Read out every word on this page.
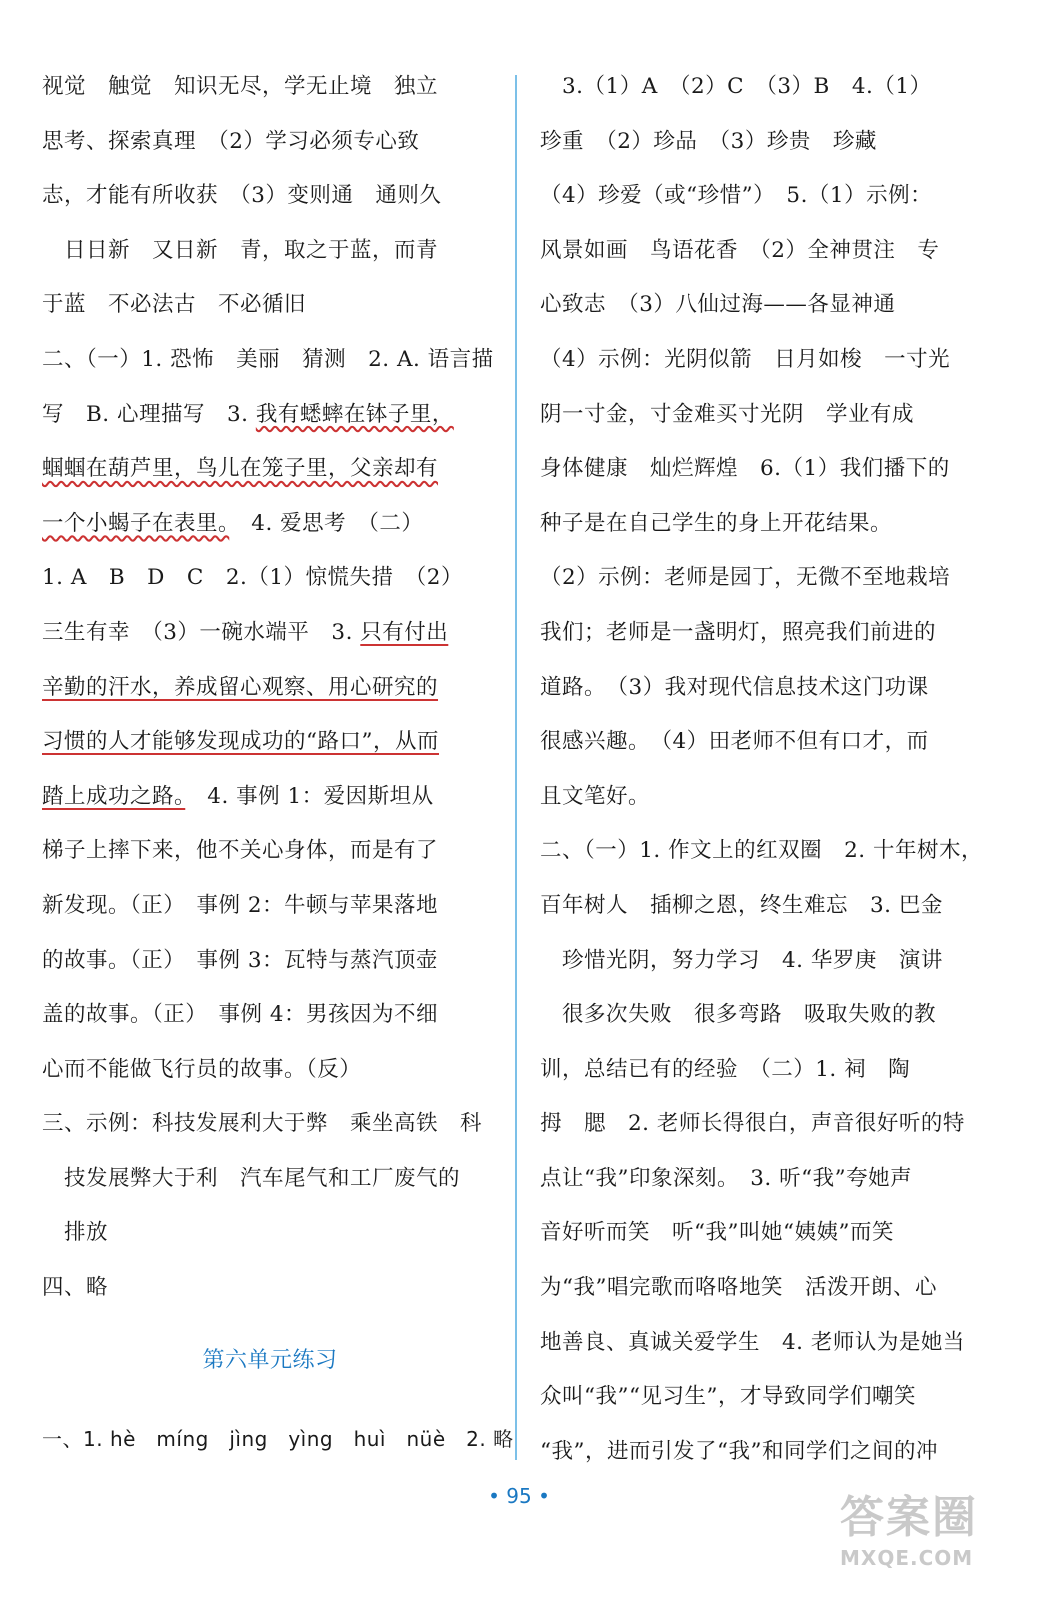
视觉　触觉　知识无尽，学无止境　独立
思考、探索真理　（2）学习必须专心致
志，才能有所收获　（3）变则通　通则久
　日日新　又日新　青，取之于蓝，而青
于蓝　不必法古　不必循旧
二、（一）1. 恐怖　美丽　猜测　2. A. 语言描
写　B. 心理描写　3. 我有蟋蟀在钵子里，
蝈蝈在葫芦里，鸟儿在笼子里，父亲却有
一个小蝎子在表里。　4. 爱思考　（二）
1. A　B　D　C　2.（1）惊慌失措　（2）
三生有幸　（3）一碗水端平　3. 只有付出
辛勤的汗水，养成留心观察、用心研究的
习惯的人才能够发现成功的“路口”，从而
踏上成功之路。　4. 事例 1：爱因斯坦从
梯子上摔下来，他不关心身体，而是有了
新发现。（正）　事例 2：牛顿与苹果落地
的故事。（正）　事例 3：瓦特与蒸汽顶壶
盖的故事。（正）　事例 4：男孩因为不细
心而不能做飞行员的故事。（反）
三、示例：科技发展利大于弊　乘坐高铁　科
　技发展弊大于利　汽车尾气和工厂废气的
　排放
四、略
第六单元练习
一、1. hè　míng　jìng　yìng　huì　nüè　2. 略
　3.（1）A　（2）C　（3）B　4.（1）
珍重　（2）珍品　（3）珍贵　珍藏
（4）珍爱（或“珍惜”）　5.（1）示例：
风景如画　鸟语花香　（2）全神贯注　专
心致志　（3）八仙过海——各显神通
（4）示例：光阴似箭　日月如梭　一寸光
阴一寸金，寸金难买寸光阴　学业有成
身体健康　灿烂辉煌　6.（1）我们播下的
种子是在自己学生的身上开花结果。
（2）示例：老师是园丁，无微不至地栽培
我们；老师是一盏明灯，照亮我们前进的
道路。　（3）我对现代信息技术这门功课
很感兴趣。　（4）田老师不但有口才，而
且文笔好。
二、（一）1. 作文上的红双圈　2. 十年树木，
百年树人　插柳之恩，终生难忘　3. 巴金
　珍惜光阴，努力学习　4. 华罗庚　演讲
　很多次失败　很多弯路　吸取失败的教
训，总结已有的经验　（二）1. 祠　陶
拇　腮　2. 老师长得很白，声音很好听的特
点让“我”印象深刻。　3. 听“我”夸她声
音好听而笑　听“我”叫她“姨姨”而笑
为“我”唱完歌而咯咯地笑　活泼开朗、心
地善良、真诚关爱学生　4. 老师认为是她当
众叫“我”“见习生”，才导致同学们嘲笑
“我”，进而引发了“我”和同学们之间的冲
• 95 •	答案圈
MXQE.COM
